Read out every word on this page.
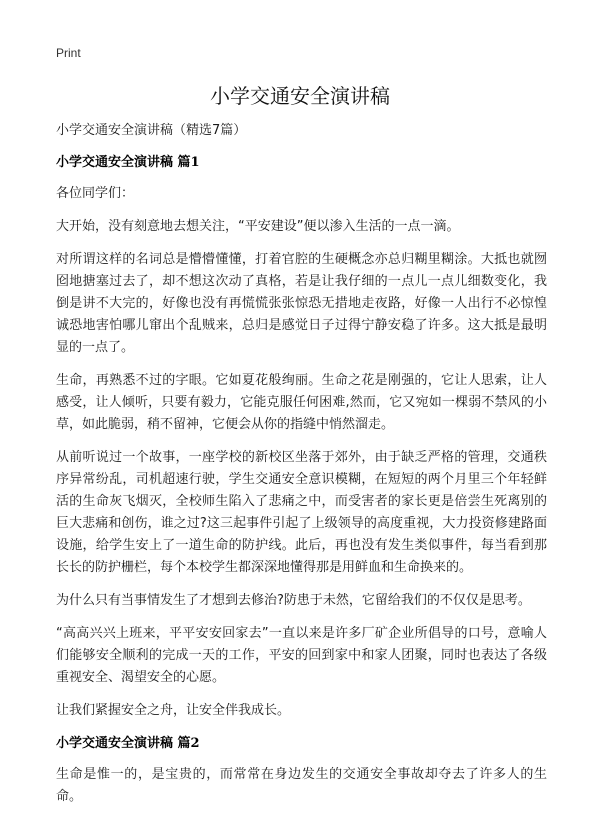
Print
小学交通安全演讲稿

小学交通安全演讲稿（精选7篇）

小学交通安全演讲稿 篇1

各位同学们：

大开始，没有刻意地去想关注，“平安建设”便以渗入生活的一点一滴。

对所谓这样的名词总是懵懵懂懂，打着官腔的生硬概念亦总归糊里糊涂。大抵也就囫囵地搪塞过去了，却不想这次动了真格，若是让我仔细的一点儿一点儿细数变化，我倒是讲不大完的，好像也没有再慌慌张张惊恐无措地走夜路，好像一人出行不必惊惶诚恐地害怕哪儿窜出个乱贼来，总归是感觉日子过得宁静安稳了许多。这大抵是最明显的一点了。

生命，再熟悉不过的字眼。它如夏花般绚丽。生命之花是刚强的，它让人思索，让人感受，让人倾听，只要有毅力，它能克服任何困难,然而，它又宛如一棵弱不禁风的小草，如此脆弱，稍不留神，它便会从你的指缝中悄然溜走。

从前听说过一个故事，一座学校的新校区坐落于郊外，由于缺乏严格的管理，交通秩序异常纷乱，司机超速行驶，学生交通安全意识模糊，在短短的两个月里三个年轻鲜活的生命灰飞烟灭，全校师生陷入了悲痛之中，而受害者的家长更是倍尝生死离别的巨大悲痛和创伤，谁之过?这三起事件引起了上级领导的高度重视，大力投资修建路面设施，给学生安上了一道生命的防护线。此后，再也没有发生类似事件，每当看到那长长的防护栅栏，每个本校学生都深深地懂得那是用鲜血和生命换来的。

为什么只有当事情发生了才想到去修治?防患于未然，它留给我们的不仅仅是思考。

“高高兴兴上班来，平平安安回家去”一直以来是许多厂矿企业所倡导的口号，意喻人们能够安全顺利的完成一天的工作，平安的回到家中和家人团聚，同时也表达了各级重视安全、渴望安全的心愿。

让我们紧握安全之舟，让安全伴我成长。

小学交通安全演讲稿 篇2

生命是惟一的，是宝贵的，而常常在身边发生的交通安全事故却夺去了许多人的生命。
